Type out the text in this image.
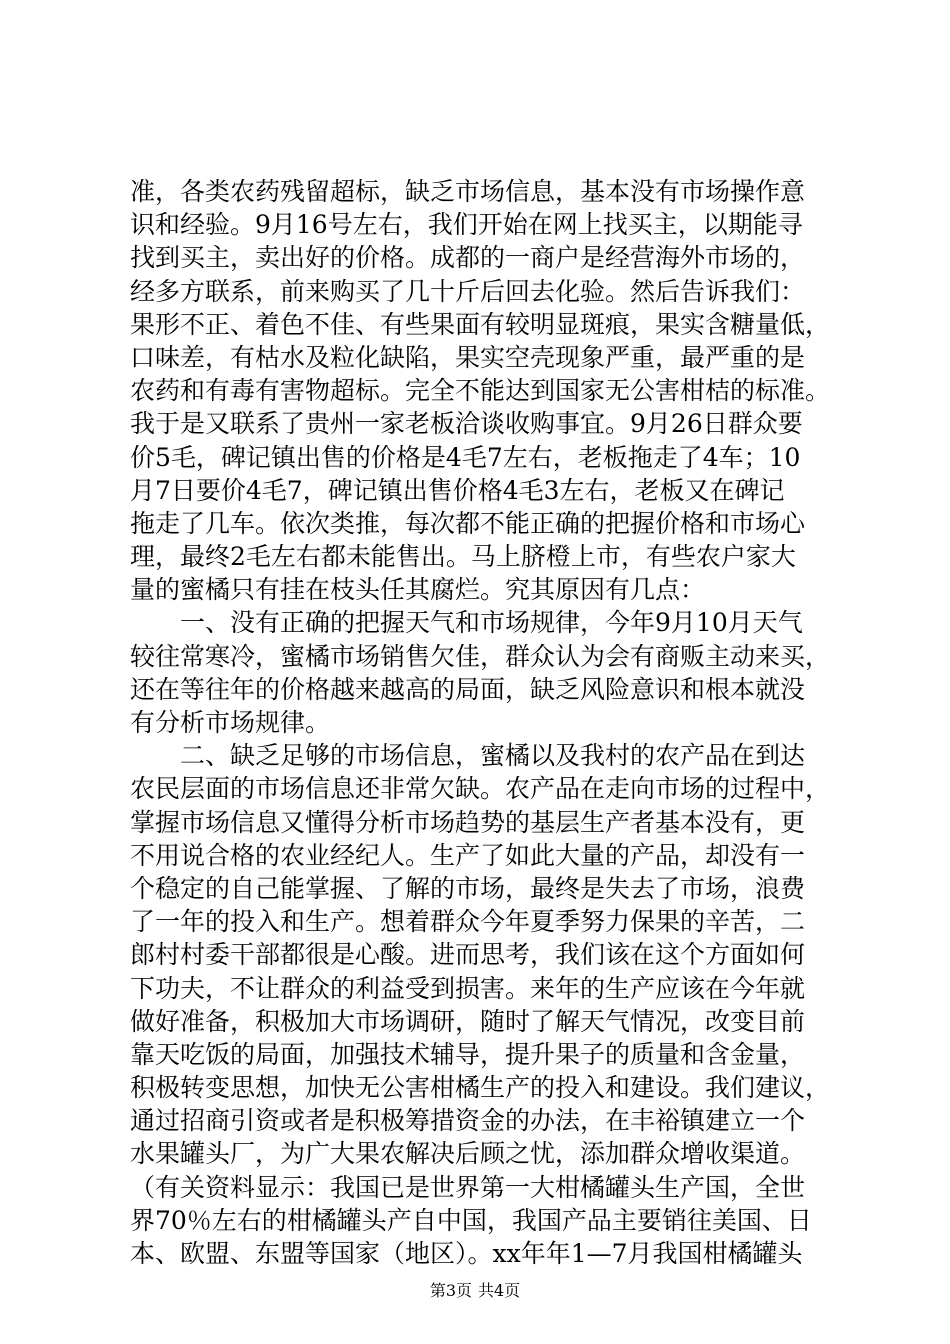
准，各类农药残留超标，缺乏市场信息，基本没有市场操作意
识和经验。9月16号左右，我们开始在网上找买主，以期能寻
找到买主，卖出好的价格。成都的一商户是经营海外市场的，
经多方联系，前来购买了几十斤后回去化验。然后告诉我们：
果形不正、着色不佳、有些果面有较明显斑痕，果实含糖量低，
口味差，有枯水及粒化缺陷，果实空壳现象严重，最严重的是
农药和有毒有害物超标。完全不能达到国家无公害柑桔的标准。
我于是又联系了贵州一家老板洽谈收购事宜。9月26日群众要
价5毛，碑记镇出售的价格是4毛7左右，老板拖走了4车；10
月7日要价4毛7，碑记镇出售价格4毛3左右，老板又在碑记
拖走了几车。依次类推，每次都不能正确的把握价格和市场心
理，最终2毛左右都未能售出。马上脐橙上市，有些农户家大
量的蜜橘只有挂在枝头任其腐烂。究其原因有几点：
一、没有正确的把握天气和市场规律，今年9月10月天气
较往常寒冷，蜜橘市场销售欠佳，群众认为会有商贩主动来买，
还在等往年的价格越来越高的局面，缺乏风险意识和根本就没
有分析市场规律。
二、缺乏足够的市场信息，蜜橘以及我村的农产品在到达
农民层面的市场信息还非常欠缺。农产品在走向市场的过程中，
掌握市场信息又懂得分析市场趋势的基层生产者基本没有，更
不用说合格的农业经纪人。生产了如此大量的产品，却没有一
个稳定的自己能掌握、了解的市场，最终是失去了市场，浪费
了一年的投入和生产。想着群众今年夏季努力保果的辛苦，二
郎村村委干部都很是心酸。进而思考，我们该在这个方面如何
下功夫，不让群众的利益受到损害。来年的生产应该在今年就
做好准备，积极加大市场调研，随时了解天气情况，改变目前
靠天吃饭的局面，加强技术辅导，提升果子的质量和含金量，
积极转变思想，加快无公害柑橘生产的投入和建设。我们建议，
通过招商引资或者是积极筹措资金的办法，在丰裕镇建立一个
水果罐头厂，为广大果农解决后顾之忧，添加群众增收渠道。
（有关资料显示：我国已是世界第一大柑橘罐头生产国，全世
界70％左右的柑橘罐头产自中国，我国产品主要销往美国、日
本、欧盟、东盟等国家（地区）。xx年年1—7月我国柑橘罐头
第3页 共4页
